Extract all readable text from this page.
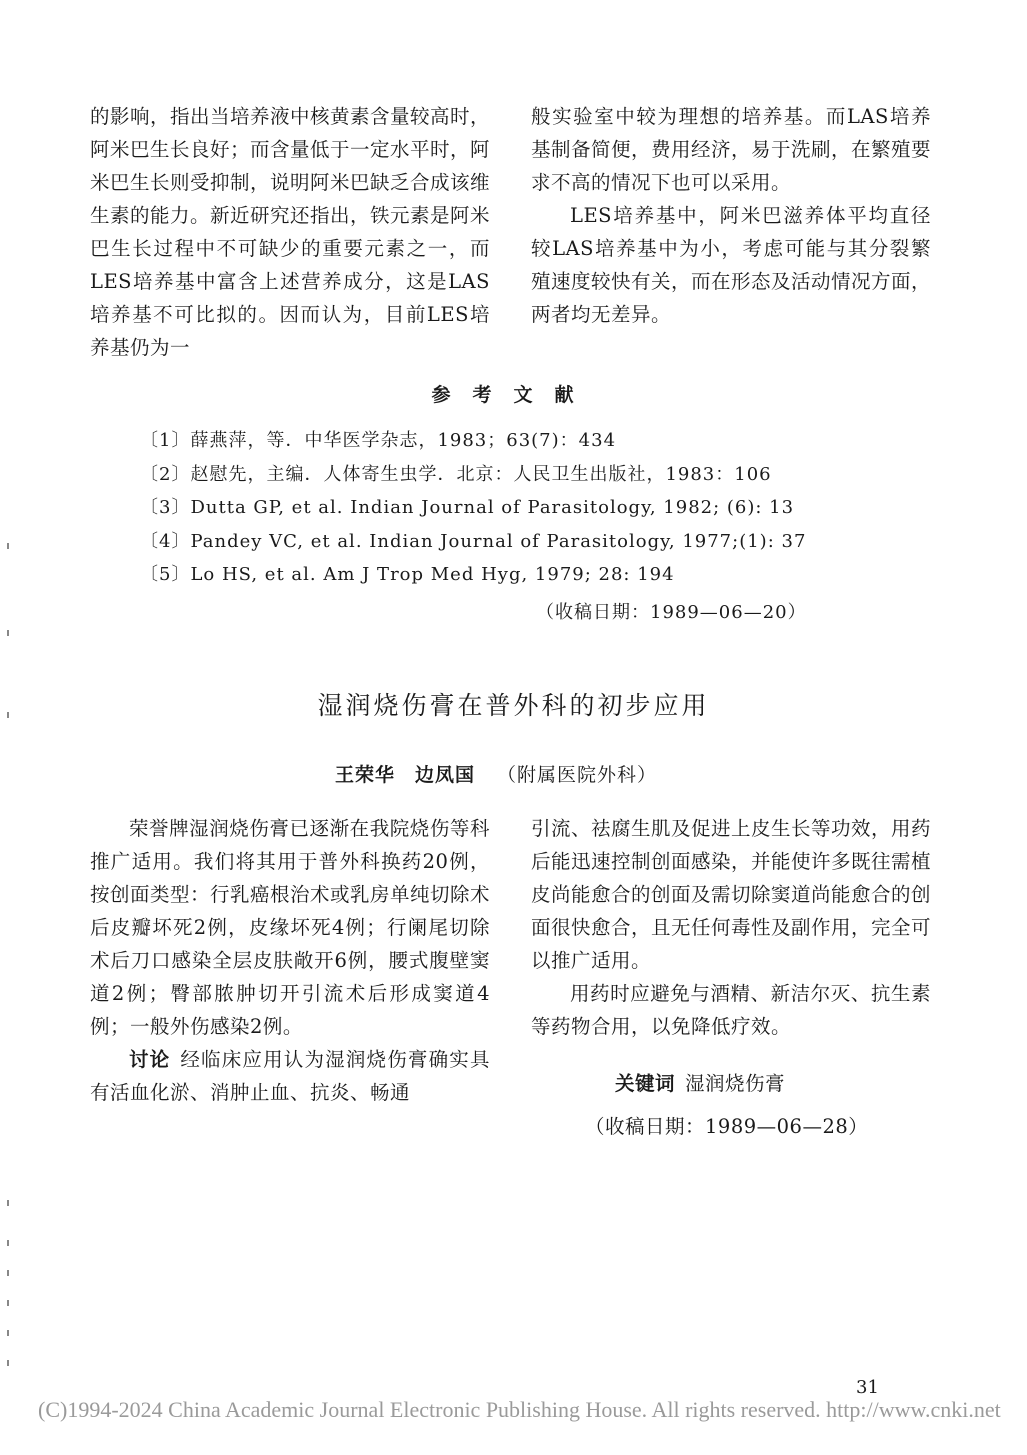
的影响，指出当培养液中核黄素含量较高时，阿米巴生长良好；而含量低于一定水平时，阿米巴生长则受抑制，说明阿米巴缺乏合成该维生素的能力。新近研究还指出，铁元素是阿米巴生长过程中不可缺少的重要元素之一，而LES培养基中富含上述营养成分，这是LAS培养基不可比拟的。因而认为，目前LES培养基仍为一

般实验室中较为理想的培养基。而LAS培养基制备简便，费用经济，易于洗刷，在繁殖要求不高的情况下也可以采用。

LES培养基中，阿米巴滋养体平均直径较LAS培养基中为小，考虑可能与其分裂繁殖速度较快有关，而在形态及活动情况方面，两者均无差异。

参考文献
〔1〕薛燕萍，等．中华医学杂志，1983；63(7)：434
〔2〕赵慰先，主编．人体寄生虫学．北京：人民卫生出版社，1983：106
〔3〕Dutta GP, et al. Indian Journal of Parasitology, 1982; (6): 13
〔4〕Pandey VC, et al. Indian Journal of Parasitology, 1977;(1): 37
〔5〕Lo HS, et al. Am J Trop Med Hyg, 1979; 28: 194
（收稿日期：1989—06—20）
湿润烧伤膏在普外科的初步应用
王荣华　边凤国 （附属医院外科）

荣誉牌湿润烧伤膏已逐渐在我院烧伤等科推广适用。我们将其用于普外科换药20例，按创面类型：行乳癌根治术或乳房单纯切除术后皮瓣坏死2例，皮缘坏死4例；行阑尾切除术后刀口感染全层皮肤敞开6例，腰式腹壁窦道2例；臀部脓肿切开引流术后形成窦道4例；一般外伤感染2例。

讨论 经临床应用认为湿润烧伤膏确实具有活血化淤、消肿止血、抗炎、畅通

引流、祛腐生肌及促进上皮生长等功效，用药后能迅速控制创面感染，并能使许多既往需植皮尚能愈合的创面及需切除窦道尚能愈合的创面很快愈合，且无任何毒性及副作用，完全可以推广适用。

用药时应避免与酒精、新洁尔灭、抗生素等药物合用，以免降低疗效。

关键词 湿润烧伤膏
（收稿日期：1989—06—28）
31
(C)1994-2024 China Academic Journal Electronic Publishing House. All rights reserved. http://www.cnki.net
